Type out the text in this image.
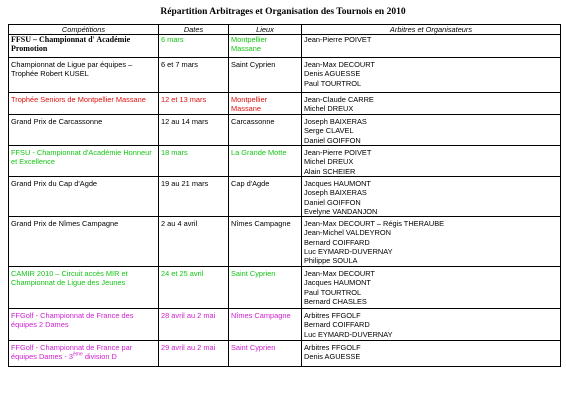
Répartition Arbitrages et Organisation des Tournois en 2010
Compétitions	Dates	Lieux	Arbitres et Organisateurs
FFSU – Championnat d' Académie Promotion	6 mars	Montpellier Massane	Jean-Pierre POIVET

Championnat de Ligue par équipes – Trophée Robert KUSEL	6 et 7 mars	Saint Cyprien	Jean-Max DECOURT
Denis AGUESSE
Paul TOURTROL

Trophée Seniors de Montpellier Massane	12 et 13 mars	Montpellier Massane	Jean-Claude CARRE
Michel DREUX

Grand Prix de Carcassonne	12 au 14 mars	Carcassonne	Joseph BAIXERAS
Serge CLAVEL
Daniel GOIFFON

FFSU - Championnat d'Académie Honneur et Excellence	18 mars	La Grande Motte	Jean-Pierre POIVET
Michel DREUX
Alain SCHEIER

Grand Prix du Cap d'Agde	19 au 21 mars	Cap d'Agde	Jacques HAUMONT
Joseph BAIXERAS
Daniel GOIFFON
Evelyne VANDANJON

Grand Prix de Nîmes Campagne	2 au 4 avril	Nîmes Campagne	Jean-Max DECOURT – Régis THERAUBE
Jean-Michel VALDEYRON
Bernard COIFFARD
Luc EYMARD-DUVERNAY
Philippe SOULA

CAMIR 2010 – Circuit accès MIR et Championnat de Ligue des Jeunes	24 et 25 avril	Saint Cyprien	Jean-Max DECOURT
Jacques HAUMONT
Paul TOURTROL
Bernard CHASLES

FFGolf - Championnat de France des équipes 2 Dames	28 avril au 2 mai	Nîmes Campagne	Arbitres FFGOLF
Bernard COIFFARD
Luc EYMARD-DUVERNAY

FFGolf - Championnat de France par équipes Dames - 3ème division D	29 avril au 2 mai	Saint Cyprien	Arbitres FFGOLF
Denis AGUESSE
